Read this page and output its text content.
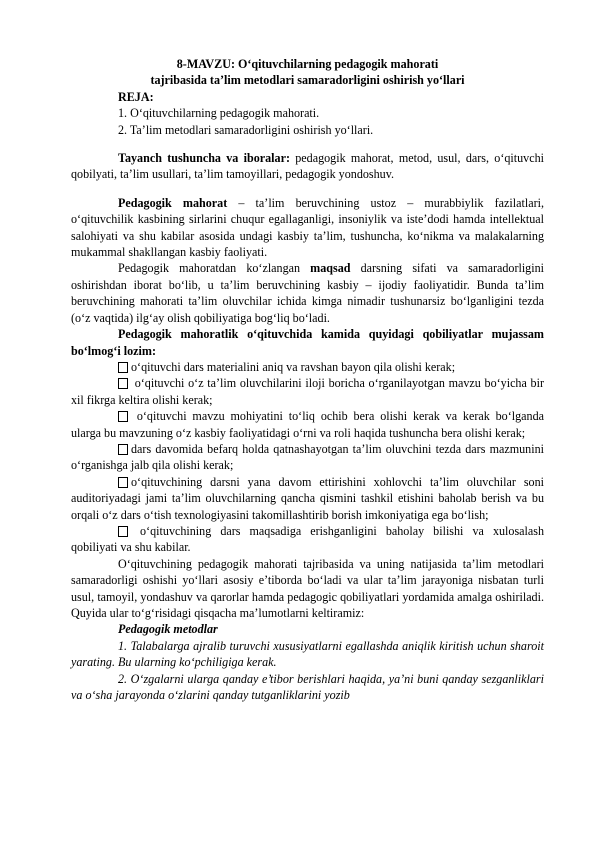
8-MAVZU: Oʻqituvchilarning pedagogik mahorati
tajribasida ta’lim metodlari samaradorligini oshirish yoʻllari
REJA:
1. Oʻqituvchilarning pedagogik mahorati.
2. Ta’lim metodlari samaradorligini oshirish yoʻllari.

Tayanch tushuncha va iboralar: pedagogik mahorat, metod, usul, dars, oʻqituvchi qobilyati, ta’lim usullari, ta’lim tamoyillari, pedagogik yondoshuv.

Pedagogik mahorat – ta’lim beruvchining ustoz – murabbiylik fazilatlari, oʻqituvchilik kasbining sirlarini chuqur egallaganligi, insoniylik va iste’dodi hamda intellektual salohiyati va shu kabilar asosida undagi kasbiy ta’lim, tushuncha, koʻnikma va malakalarning mukammal shakllangan kasbiy faoliyati.

Pedagogik mahoratdan koʻzlangan maqsad darsning sifati va samaradorligini oshirishdan iborat boʻlib, u ta’lim beruvchining kasbiy – ijodiy faoliyatidir. Bunda ta’lim beruvchining mahorati ta’lim oluvchilar ichida kimga nimadir tushunarsiz boʻlganligini tezda (oʻz vaqtida) ilgʻay olish qobiliyatiga bogʻliq boʻladi.

Pedagogik mahoratlik oʻqituvchida kamida quyidagi qobiliyatlar mujassam boʻlmogʻi lozim:

oʻqituvchi dars materialini aniq va ravshan bayon qila olishi kerak;

oʻqituvchi oʻz ta’lim oluvchilarini iloji boricha oʻrganilayotgan mavzu boʻyicha bir xil fikrga keltira olishi kerak;

oʻqituvchi mavzu mohiyatini toʻliq ochib bera olishi kerak va kerak boʻlganda ularga bu mavzuning oʻz kasbiy faoliyatidagi oʻrni va roli haqida tushuncha bera olishi kerak;

dars davomida befarq holda qatnashayotgan ta’lim oluvchini tezda dars mazmunini oʻrganishga jalb qila olishi kerak;

oʻqituvchining darsni yana davom ettirishini xohlovchi ta’lim oluvchilar soni auditoriyadagi jami ta’lim oluvchilarning qancha qismini tashkil etishini baholab berish va bu orqali oʻz dars oʻtish texnologiyasini takomillashtirib borish imkoniyatiga ega boʻlish;

oʻqituvchining dars maqsadiga erishganligini baholay bilishi va xulosalash qobiliyati va shu kabilar.

Oʻqituvchining pedagogik mahorati tajribasida va uning natijasida ta’lim metodlari samaradorligi oshishi yoʻllari asosiy e’tiborda boʻladi va ular ta’lim jarayoniga nisbatan turli usul, tamoyil, yondashuv va qarorlar hamda pedagogic qobiliyatlari yordamida amalga oshiriladi. Quyida ular toʻgʻrisidagi qisqacha ma’lumotlarni keltiramiz:

Pedagogik metodlar

1. Talabalarga ajralib turuvchi xususiyatlarni egallashda aniqlik kiritish uchun sharoit yarating. Bu ularning koʻpchiligiga kerak.

2. Oʻzgalarni ularga qanday e’tibor berishlari haqida, ya’ni buni qanday sezganliklari va oʻsha jarayonda oʻzlarini qanday tutganliklarini yozib
